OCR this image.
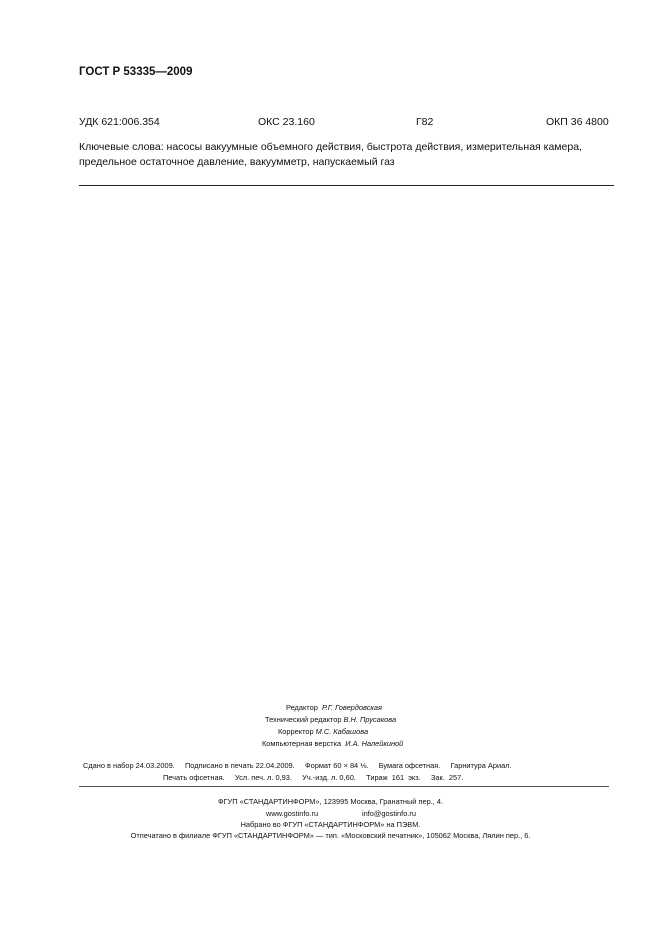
ГОСТ Р 53335—2009
УДК 621:006.354	ОКС 23.160	Г82	ОКП 36 4800
Ключевые слова: насосы вакуумные объемного действия, быстрота действия, измерительная камера,
предельное остаточное давление, вакуумметр, напускаемый газ
Редактор Р.Г. Говердовская
Технический редактор В.Н. Прусакова
Корректор М.С. Кабашова
Компьютерная верстка И.А. Налейкиной
Сдано в набор 24.03.2009.     Подписано в печать 22.04.2009.     Формат 60 × 84 ⅛.     Бумага офсетная.     Гарнитура Ариал.
Печать офсетная.     Усл. печ. л. 0,93.     Уч.-изд. л. 0,60.     Тираж  161  экз.     Зак.  257.
ФГУП «СТАНДАРТИНФОРМ», 123995 Москва, Гранатный пер., 4.
www.gostinfo.ru	info@gostinfo.ru
Набрано во ФГУП «СТАНДАРТИНФОРМ» на ПЭВМ.
Отпечатано в филиале ФГУП «СТАНДАРТИНФОРМ» — тип. «Московский печатник», 105062 Москва, Лялин пер., 6.
